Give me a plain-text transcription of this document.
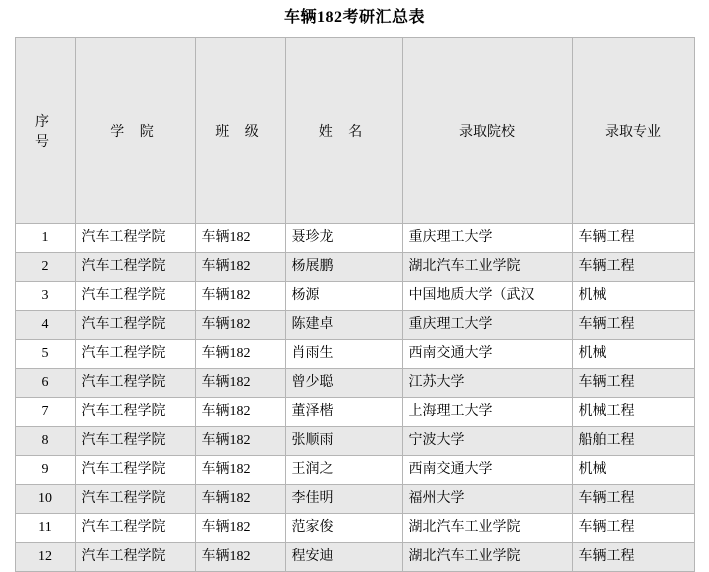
车辆182考研汇总表
序 号	学 院	班 级	姓 名	录取院校	录取专业
1	汽车工程学院	车辆182	聂珍龙	重庆理工大学	车辆工程
2	汽车工程学院	车辆182	杨展鹏	湖北汽车工业学院	车辆工程
3	汽车工程学院	车辆182	杨源	中国地质大学（武汉	机械
4	汽车工程学院	车辆182	陈建卓	重庆理工大学	车辆工程
5	汽车工程学院	车辆182	肖雨生	西南交通大学	机械
6	汽车工程学院	车辆182	曾少聪	江苏大学	车辆工程
7	汽车工程学院	车辆182	董泽楷	上海理工大学	机械工程
8	汽车工程学院	车辆182	张顺雨	宁波大学	船舶工程
9	汽车工程学院	车辆182	王润之	西南交通大学	机械
10	汽车工程学院	车辆182	李佳明	福州大学	车辆工程
11	汽车工程学院	车辆182	范家俊	湖北汽车工业学院	车辆工程
12	汽车工程学院	车辆182	程安迪	湖北汽车工业学院	车辆工程
